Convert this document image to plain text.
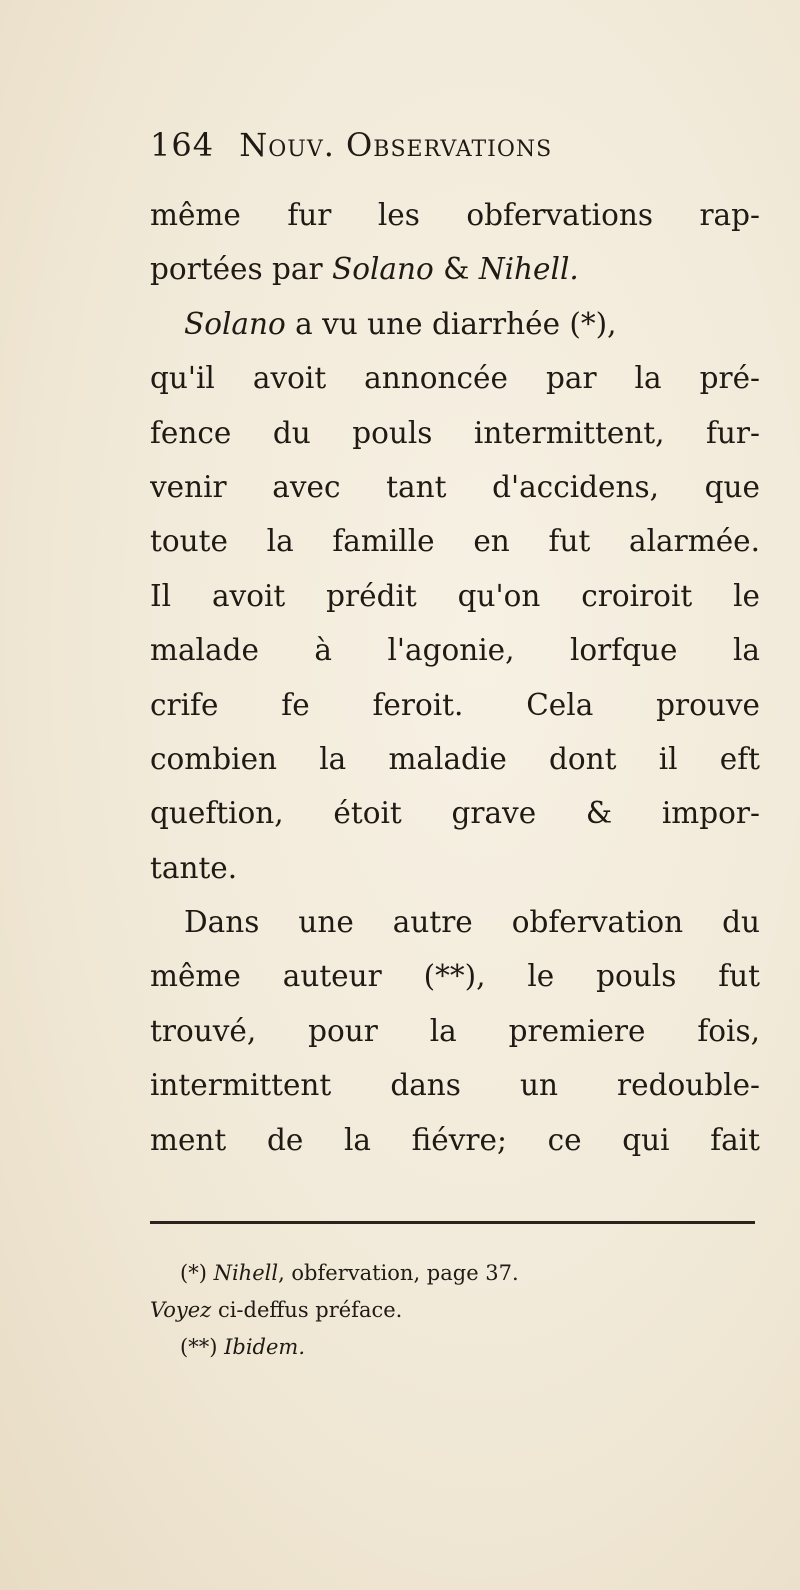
164 Nouv. Observations
même fur les obfervations rap-
portées par Solano & Nihell.
Solano a vu une diarrhée (*),
qu'il avoit annoncée par la pré-
fence du pouls intermittent, fur-
venir avec tant d'accidens, que
toute la famille en fut alarmée.
Il avoit prédit qu'on croiroit le
malade à l'agonie, lorfque la
crife fe feroit. Cela prouve
combien la maladie dont il eft
queftion, étoit grave & impor-
tante.
Dans une autre obfervation du
même auteur (**), le pouls fut
trouvé, pour la premiere fois,
intermittent dans un redouble-
ment de la fiévre; ce qui fait
(*) Nihell, obfervation, page 37.
Voyez ci-deffus préface.
(**) Ibidem.
